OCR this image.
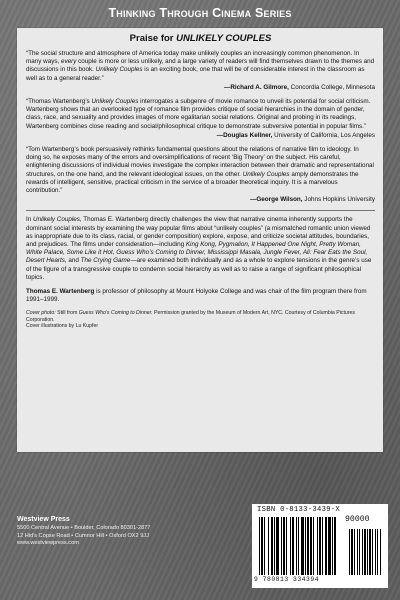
Thinking Through Cinema Series
Praise for UNLIKELY COUPLES

“The social structure and atmosphere of America today make unlikely couples an increasingly common phenomenon. In many ways, every couple is more or less unlikely, and a large variety of readers will find themselves drawn to the themes and discussions in this book. Unlikely Couples is an exciting book, one that will be of considerable interest in the classroom as well as to a general reader.”

—Richard A. Gilmore, Concordia College, Minnesota

“Thomas Wartenberg’s Unlikely Couples interrogates a subgenre of movie romance to unveil its potential for social criticism. Wartenberg shows that an overlooked type of romance film provides critique of social hierarchies in the domain of gender, class, race, and sexuality and provides images of more egalitarian social relations. Original and probing in its readings, Wartenberg combines close reading and social/philosophical critique to demonstrate subversive potential in popular films.”

—Douglas Kellner, University of California, Los Angeles

“Tom Wartenberg’s book persuasively rethinks fundamental questions about the relations of narrative film to ideology. In doing so, he exposes many of the errors and oversimplifications of recent ‘Big Theory’ on the subject. His careful, enlightening discussions of individual movies investigate the complex interaction between their dramatic and representational structures, on the one hand, and the relevant ideological issues, on the other. Unlikely Couples amply demonstrates the rewards of intelligent, sensitive, practical criticism in the service of a broader theoretical inquiry. It is a marvelous contribution.”

—George Wilson, Johns Hopkins University

In Unlikely Couples, Thomas E. Wartenberg directly challenges the view that narrative cinema inherently supports the dominant social interests by examining the way popular films about “unlikely couples” (a mismatched romantic union viewed as inappropriate due to its class, racial, or gender composition) explore, expose, and criticize societal attitudes, boundaries, and prejudices. The films under consideration—including King Kong, Pygmalion, It Happened One Night, Pretty Woman, White Palace, Some Like it Hot, Guess Who’s Coming to Dinner, Mississippi Masala, Jungle Fever, Ali: Fear Eats the Soul, Desert Hearts, and The Crying Game—are examined both individually and as a whole to explore tensions in the genre’s use of the figure of a transgressive couple to condemn social hierarchy as well as to raise a range of significant philosophical topics.

Thomas E. Wartenberg is professor of philosophy at Mount Holyoke College and was chair of the film program there from 1991–1999.

Cover photo: Still from Guess Who’s Coming to Dinner. Permission granted by the Museum of Modern Art, NYC. Courtesy of Columbia Pictures Corporation.
Cover illustrations by Lu Kupfer

Westview Press
5500 Central Avenue • Boulder, Colorado 80301-2877
12 Hid’s Copse Road • Cumnor Hill • Oxford OX2 9JJ
www.westviewpress.com
ISBN 0-8133-3439-X
90000
9 780813 334394
